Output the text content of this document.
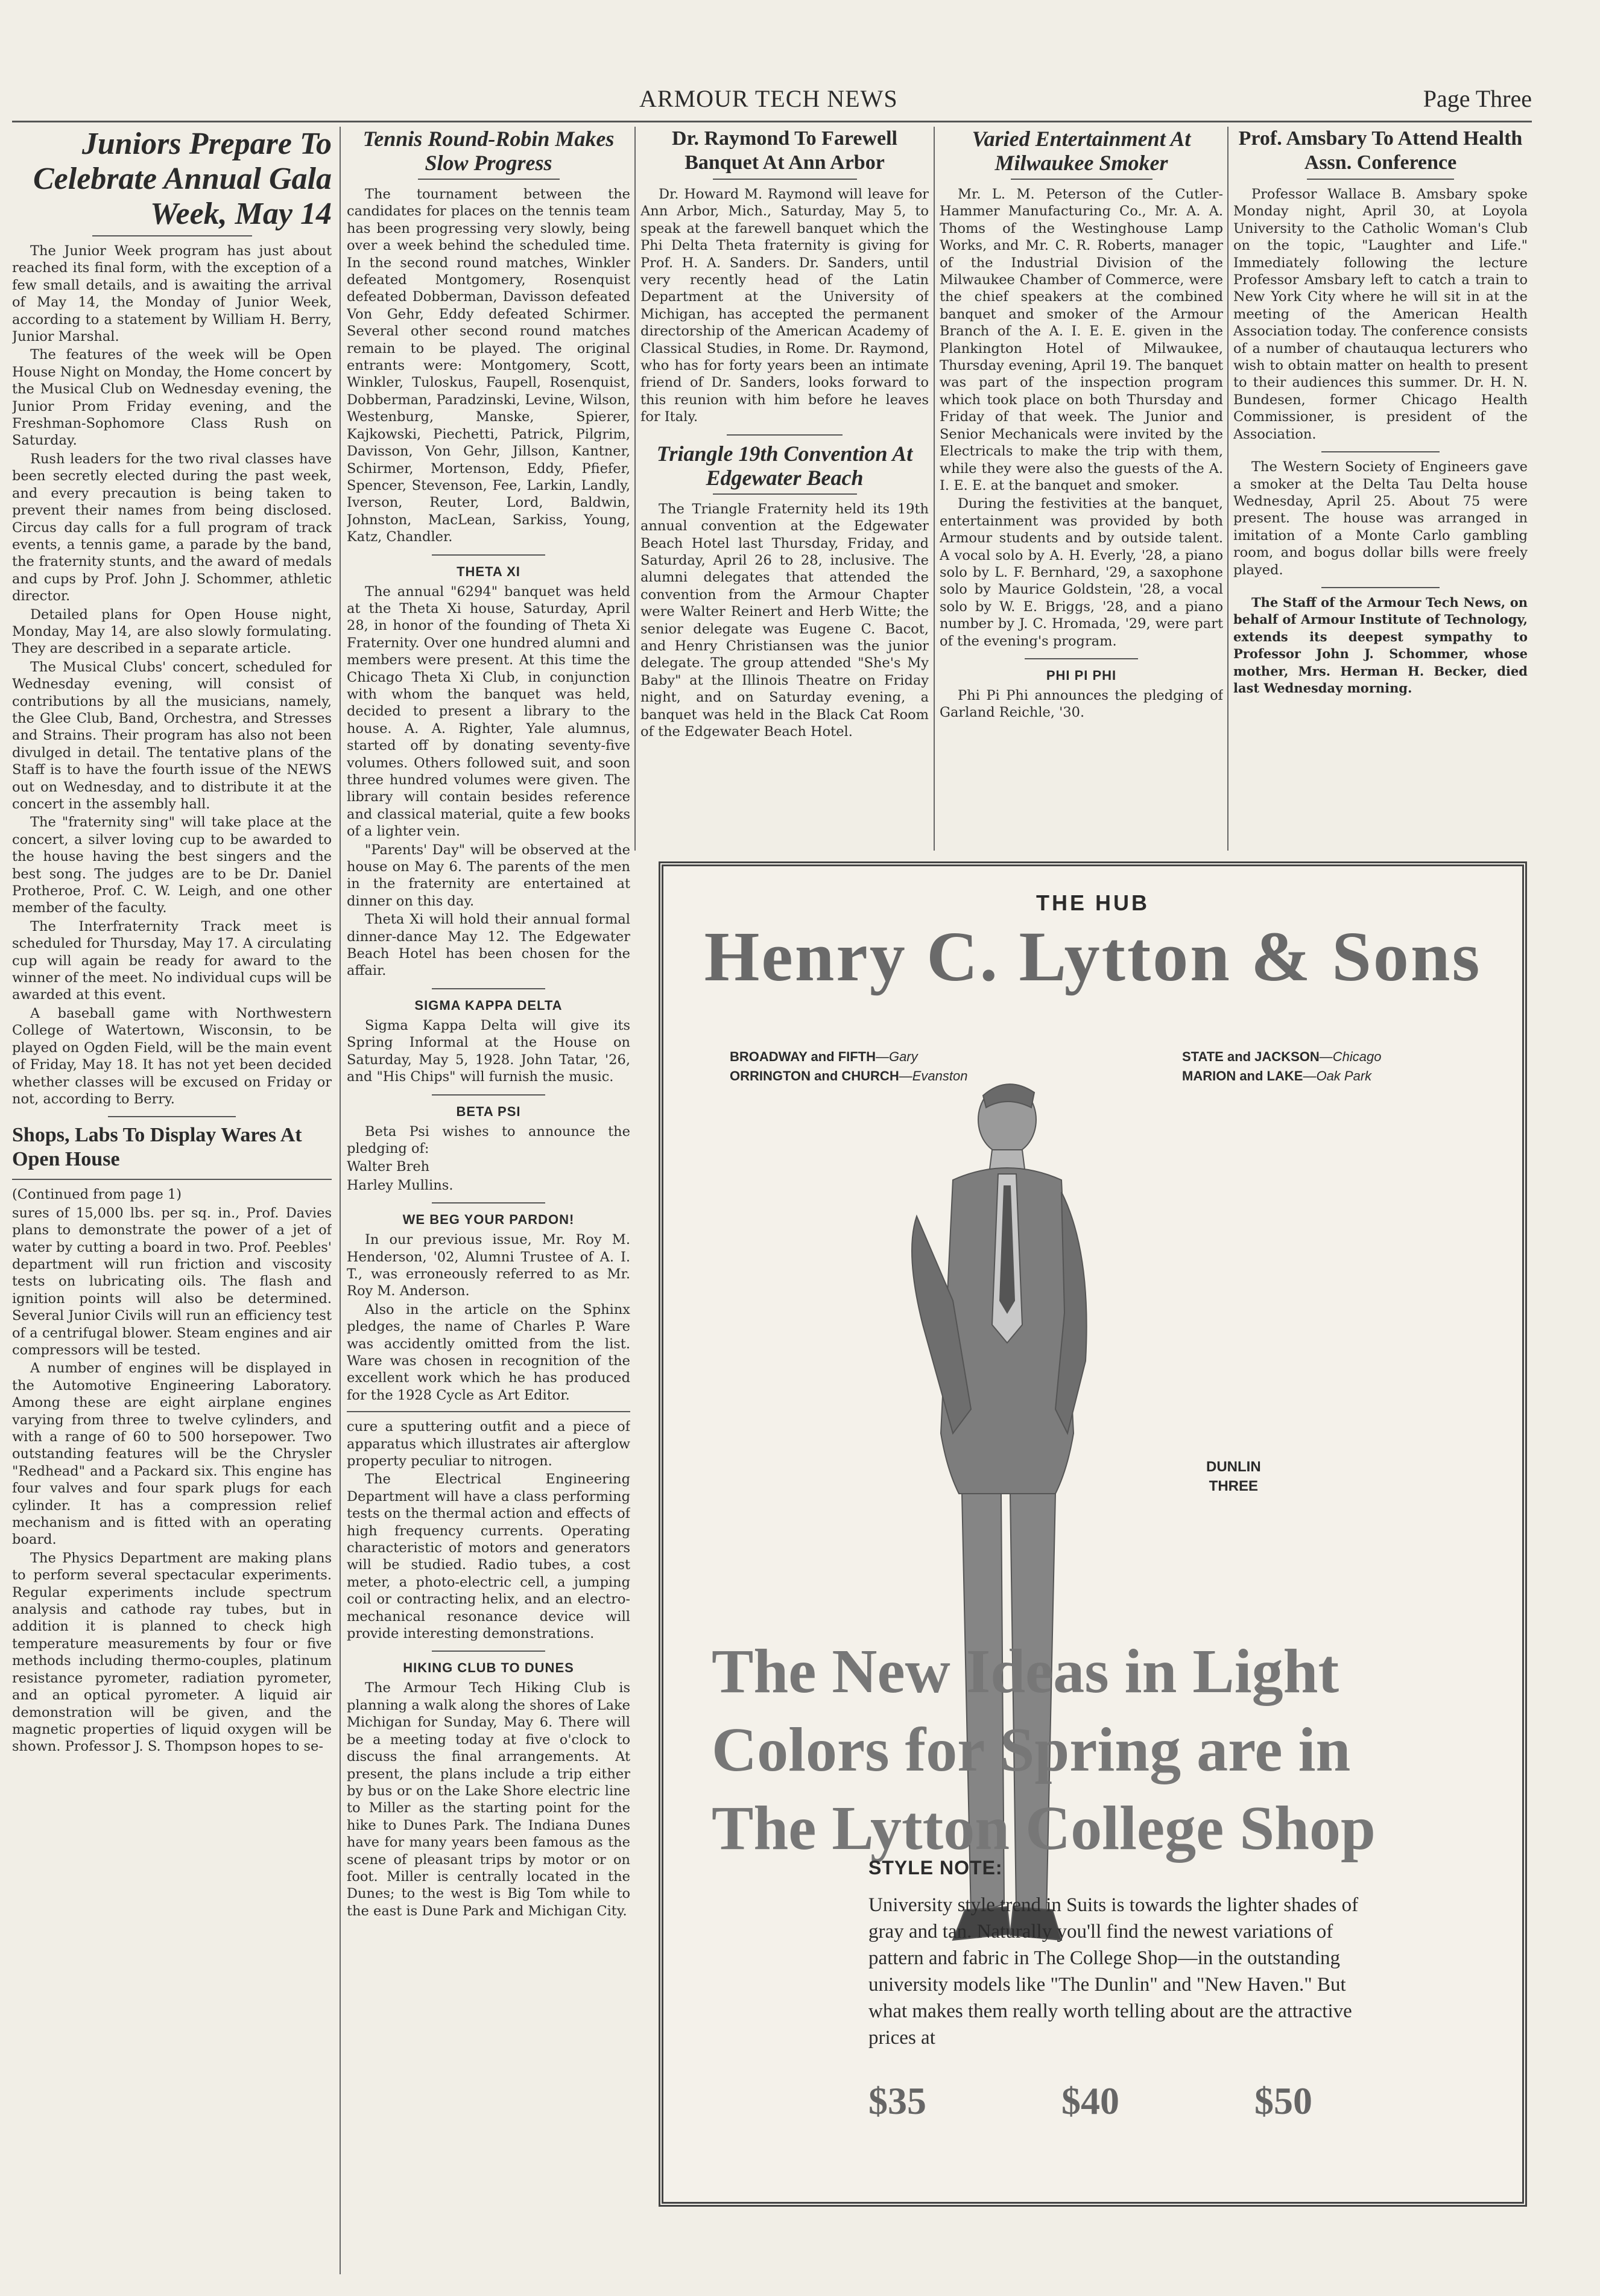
ARMOUR TECH NEWS	Page Three
Juniors Prepare To Celebrate Annual Gala Week, May 14

The Junior Week program has just about reached its final form, with the exception of a few small details, and is awaiting the arrival of May 14, the Monday of Junior Week, according to a statement by William H. Berry, Junior Marshal.

The features of the week will be Open House Night on Monday, the Home concert by the Musical Club on Wednesday evening, the Junior Prom Friday evening, and the Freshman-Sophomore Class Rush on Saturday.

Rush leaders for the two rival classes have been secretly elected during the past week, and every precaution is being taken to prevent their names from being disclosed. Circus day calls for a full program of track events, a tennis game, a parade by the band, the fraternity stunts, and the award of medals and cups by Prof. John J. Schommer, athletic director.

Detailed plans for Open House night, Monday, May 14, are also slowly formulating. They are described in a separate article.

The Musical Clubs' concert, scheduled for Wednesday evening, will consist of contributions by all the musicians, namely, the Glee Club, Band, Orchestra, and Stresses and Strains. Their program has also not been divulged in detail. The tentative plans of the Staff is to have the fourth issue of the NEWS out on Wednesday, and to distribute it at the concert in the assembly hall.

The "fraternity sing" will take place at the concert, a silver loving cup to be awarded to the house having the best singers and the best song. The judges are to be Dr. Daniel Protheroe, Prof. C. W. Leigh, and one other member of the faculty.

The Interfraternity Track meet is scheduled for Thursday, May 17. A circulating cup will again be ready for award to the winner of the meet. No individual cups will be awarded at this event.

A baseball game with Northwestern College of Watertown, Wisconsin, to be played on Ogden Field, will be the main event of Friday, May 18. It has not yet been decided whether classes will be excused on Friday or not, according to Berry.

Shops, Labs To Display Wares At Open House

(Continued from page 1)

sures of 15,000 lbs. per sq. in., Prof. Davies plans to demonstrate the power of a jet of water by cutting a board in two. Prof. Peebles' department will run friction and viscosity tests on lubricating oils. The flash and ignition points will also be determined. Several Junior Civils will run an efficiency test of a centrifugal blower. Steam engines and air compressors will be tested.

A number of engines will be displayed in the Automotive Engineering Laboratory. Among these are eight airplane engines varying from three to twelve cylinders, and with a range of 60 to 500 horsepower. Two outstanding features will be the Chrysler "Redhead" and a Packard six. This engine has four valves and four spark plugs for each cylinder. It has a compression relief mechanism and is fitted with an operating board.

The Physics Department are making plans to perform several spectacular experiments. Regular experiments include spectrum analysis and cathode ray tubes, but in addition it is planned to check high temperature measurements by four or five methods including thermo-couples, platinum resistance pyrometer, radiation pyrometer, and an optical pyrometer. A liquid air demonstration will be given, and the magnetic properties of liquid oxygen will be shown. Professor J. S. Thompson hopes to se-

Tennis Round-Robin Makes Slow Progress

The tournament between the candidates for places on the tennis team has been progressing very slowly, being over a week behind the scheduled time. In the second round matches, Winkler defeated Montgomery, Rosenquist defeated Dobberman, Davisson defeated Von Gehr, Eddy defeated Schirmer. Several other second round matches remain to be played. The original entrants were: Montgomery, Scott, Winkler, Tuloskus, Faupell, Rosenquist, Dobberman, Paradzinski, Levine, Wilson, Westenburg, Manske, Spierer, Kajkowski, Piechetti, Patrick, Pilgrim, Davisson, Von Gehr, Jillson, Kantner, Schirmer, Mortenson, Eddy, Pfiefer, Spencer, Stevenson, Fee, Larkin, Landly, Iverson, Reuter, Lord, Baldwin, Johnston, MacLean, Sarkiss, Young, Katz, Chandler.

THETA XI

The annual "6294" banquet was held at the Theta Xi house, Saturday, April 28, in honor of the founding of Theta Xi Fraternity. Over one hundred alumni and members were present. At this time the Chicago Theta Xi Club, in conjunction with whom the banquet was held, decided to present a library to the house. A. A. Righter, Yale alumnus, started off by donating seventy-five volumes. Others followed suit, and soon three hundred volumes were given. The library will contain besides reference and classical material, quite a few books of a lighter vein.

"Parents' Day" will be observed at the house on May 6. The parents of the men in the fraternity are entertained at dinner on this day.

Theta Xi will hold their annual formal dinner-dance May 12. The Edgewater Beach Hotel has been chosen for the affair.

SIGMA KAPPA DELTA

Sigma Kappa Delta will give its Spring Informal at the House on Saturday, May 5, 1928. John Tatar, '26, and "His Chips" will furnish the music.

BETA PSI

Beta Psi wishes to announce the pledging of:

Walter Breh

Harley Mullins.

WE BEG YOUR PARDON!

In our previous issue, Mr. Roy M. Henderson, '02, Alumni Trustee of A. I. T., was erroneously referred to as Mr. Roy M. Anderson.

Also in the article on the Sphinx pledges, the name of Charles P. Ware was accidently omitted from the list. Ware was chosen in recognition of the excellent work which he has produced for the 1928 Cycle as Art Editor.

cure a sputtering outfit and a piece of apparatus which illustrates air afterglow property peculiar to nitrogen.

The Electrical Engineering Department will have a class performing tests on the thermal action and effects of high frequency currents. Operating characteristic of motors and generators will be studied. Radio tubes, a cost meter, a photo-electric cell, a jumping coil or contracting helix, and an electro-mechanical resonance device will provide interesting demonstrations.

HIKING CLUB TO DUNES

The Armour Tech Hiking Club is planning a walk along the shores of Lake Michigan for Sunday, May 6. There will be a meeting today at five o'clock to discuss the final arrangements. At present, the plans include a trip either by bus or on the Lake Shore electric line to Miller as the starting point for the hike to Dunes Park. The Indiana Dunes have for many years been famous as the scene of pleasant trips by motor or on foot. Miller is centrally located in the Dunes; to the west is Big Tom while to the east is Dune Park and Michigan City.

Dr. Raymond To Farewell Banquet At Ann Arbor

Dr. Howard M. Raymond will leave for Ann Arbor, Mich., Saturday, May 5, to speak at the farewell banquet which the Phi Delta Theta fraternity is giving for Prof. H. A. Sanders. Dr. Sanders, until very recently head of the Latin Department at the University of Michigan, has accepted the permanent directorship of the American Academy of Classical Studies, in Rome. Dr. Raymond, who has for forty years been an intimate friend of Dr. Sanders, looks forward to this reunion with him before he leaves for Italy.

Triangle 19th Convention At Edgewater Beach

The Triangle Fraternity held its 19th annual convention at the Edgewater Beach Hotel last Thursday, Friday, and Saturday, April 26 to 28, inclusive. The alumni delegates that attended the convention from the Armour Chapter were Walter Reinert and Herb Witte; the senior delegate was Eugene C. Bacot, and Henry Christiansen was the junior delegate. The group attended "She's My Baby" at the Illinois Theatre on Friday night, and on Saturday evening, a banquet was held in the Black Cat Room of the Edgewater Beach Hotel.

Varied Entertainment At Milwaukee Smoker

Mr. L. M. Peterson of the Cutler-Hammer Manufacturing Co., Mr. A. A. Thoms of the Westinghouse Lamp Works, and Mr. C. R. Roberts, manager of the Industrial Division of the Milwaukee Chamber of Commerce, were the chief speakers at the combined banquet and smoker of the Armour Branch of the A. I. E. E. given in the Plankington Hotel of Milwaukee, Thursday evening, April 19. The banquet was part of the inspection program which took place on both Thursday and Friday of that week. The Junior and Senior Mechanicals were invited by the Electricals to make the trip with them, while they were also the guests of the A. I. E. E. at the banquet and smoker.

During the festivities at the banquet, entertainment was provided by both Armour students and by outside talent. A vocal solo by A. H. Everly, '28, a piano solo by L. F. Bernhard, '29, a saxophone solo by Maurice Goldstein, '28, a vocal solo by W. E. Briggs, '28, and a piano number by J. C. Hromada, '29, were part of the evening's program.

PHI PI PHI

Phi Pi Phi announces the pledging of Garland Reichle, '30.

Prof. Amsbary To Attend Health Assn. Conference

Professor Wallace B. Amsbary spoke Monday night, April 30, at Loyola University to the Catholic Woman's Club on the topic, "Laughter and Life." Immediately following the lecture Professor Amsbary left to catch a train to New York City where he will sit in at the meeting of the American Health Association today. The conference consists of a number of chautauqua lecturers who wish to obtain matter on health to present to their audiences this summer. Dr. H. N. Bundesen, former Chicago Health Commissioner, is president of the Association.

The Western Society of Engineers gave a smoker at the Delta Tau Delta house Wednesday, April 25. About 75 were present. The house was arranged in imitation of a Monte Carlo gambling room, and bogus dollar bills were freely played.

The Staff of the Armour Tech News, on behalf of Armour Institute of Technology, extends its deepest sympathy to Professor John J. Schommer, whose mother, Mrs. Herman H. Becker, died last Wednesday morning.

THE HUB
Henry C. Lytton & Sons
BROADWAY and FIFTH—Gary
ORRINGTON and CHURCH—Evanston
STATE and JACKSON—Chicago
MARION and LAKE—Oak Park
DUNLIN
THREE
The New Ideas in Light
Colors for Spring are in
The Lytton College Shop
STYLE NOTE:
University style trend in Suits is towards the lighter shades of gray and tan. Naturally you'll find the newest variations of pattern and fabric in The College Shop—in the outstanding university models like "The Dunlin" and "New Haven." But what makes them really worth telling about are the attractive prices at
$35	$40	$50
